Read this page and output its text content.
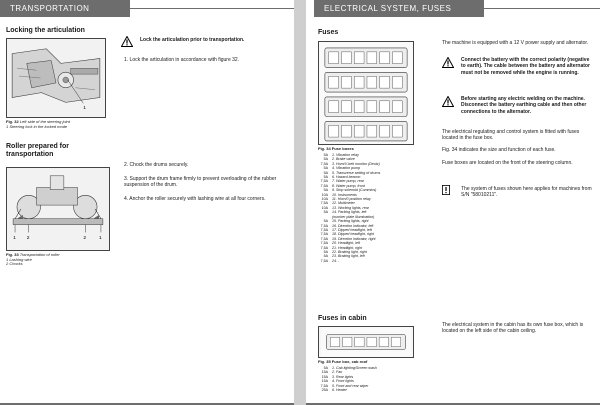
TRANSPORTATION
Locking the articulation
1
Fig. 32 Left side of the steering joint
1 Steering lock in the locked mode
Lock the articulation prior to transportation.
1. Lock the articulation in accordance with figure 32.
Roller prepared for transportation
1 2	2	1
Fig. 33 Transportation of roller
1 Lashing wire
2 Chocks
2. Chock the drums securely.
3. Support the drum frame firmly to prevent overloading of the rubber suspension of the drum.
4. Anchor the roller securely with lashing wire at all four corners.
ELECTRICAL SYSTEM, FUSES
Fuses
Fig. 34 Fuse boxes
5A	1. Vibration relay
5A	2. Brake valve
7,5A	3. Horn/V-belt monitor (Deutz)
5A	4. Vibration pump
5A	5. Transverse setting of drums
5A	6. Hazard beacon
7,5A	7. Water pump, rear
7,5A	8. Water pump, front
5A	9. Stop solenoid (Cummins)
10A	10. Instruments
10A	11. Horn/0 position relay
7,5A	12. Multimeter
10A	13. Working lights, rear
5A	14. Parking lights, left
(number plate illumination)
5A	15. Parking lights, right
7,5A	16. Direction indicator, left
7,5A	17. Dipped headlight, left
7,5A	18. Dipped headlight, right
7,5A	19. Direction indicator, right
7,5A	20. Headlight, left
7,5A	21. Headlight, right
5A	22. Braking light, right
5A	23. Braking light, left
7,5A	24. -
The machine is equipped with a 12 V power supply and alternator.
Connect the battery with the correct polarity (negative to earth). The cable between the battery and alternator must not be removed while the engine is running.
Before starting any electric welding on the machine. Disconnect the battery earthing cable and then other connections to the alternator.
The electrical regulating and control system is fitted with fuses located in the fuse box.
Fig. 34 indicates the size and function of each fuse.
Fuse boxes are located on the front of the steering column.
The system of fuses shown here applies for machines from S/N "58010211".
Fuses in cabin
Fig. 35 Fuse box, cab roof
5A	1. Cab lighting/Screen wash
15A	2. Fan
15A	3. Rear lights
15A	4. Front lights
7,5A	5. Front and rear wiper
25A	6. Heater
The electrical system in the cabin has its own fuse box, which is located on the left side of the cabin ceiling.
